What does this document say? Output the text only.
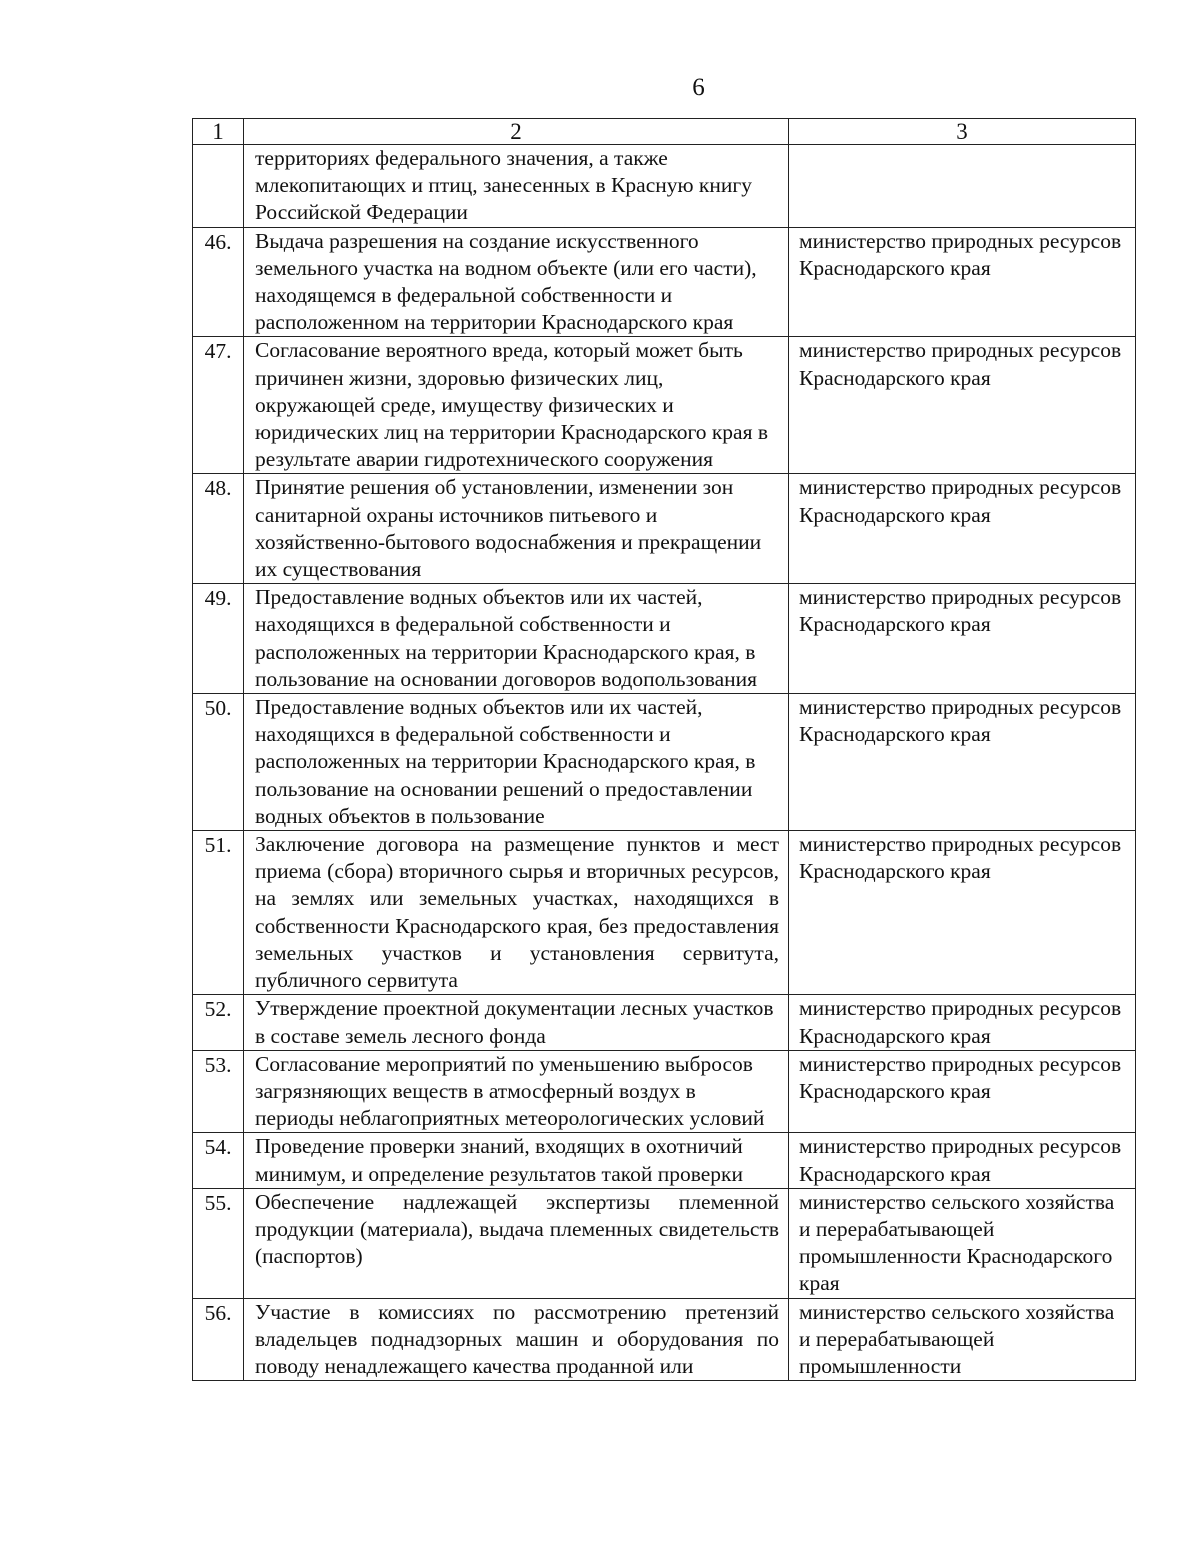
6
1	2	3
	территориях федерального значения, а также млекопитающих и птиц, занесенных в Красную книгу Российской Федерации	
46.	Выдача разрешения на создание искусственного земельного участка на водном объекте (или его части), находящемся в федеральной собственности и расположенном на территории Краснодарского края	министерство природных ресурсов Краснодарского края
47.	Согласование вероятного вреда, который может быть причинен жизни, здоровью физических лиц, окружающей среде, имуществу физических и юридических лиц на территории Краснодарского края в результате аварии гидротехнического сооружения	министерство природных ресурсов Краснодарского края
48.	Принятие решения об установлении, изменении зон санитарной охраны источников питьевого и хозяйственно-бытового водоснабжения и прекращении их существования	министерство природных ресурсов Краснодарского края
49.	Предоставление водных объектов или их частей, находящихся в федеральной собственности и расположенных на территории Краснодарского края, в пользование на основании договоров водопользования	министерство природных ресурсов Краснодарского края
50.	Предоставление водных объектов или их частей, находящихся в федеральной собственности и расположенных на территории Краснодарского края, в пользование на основании решений о предоставлении водных объектов в пользование	министерство природных ресурсов Краснодарского края
51.	Заключение договора на размещение пунктов и мест приема (сбора) вторичного сырья и вторичных ресурсов, на землях или земельных участках, находящихся в собственности Краснодарского края, без предоставления земельных участков и установления сервитута, публичного сервитута	министерство природных ресурсов Краснодарского края
52.	Утверждение проектной документации лесных участков в составе земель лесного фонда	министерство природных ресурсов Краснодарского края
53.	Согласование мероприятий по уменьшению выбросов загрязняющих веществ в атмосферный воздух в периоды неблагоприятных метеорологических условий	министерство природных ресурсов Краснодарского края
54.	Проведение проверки знаний, входящих в охотничий минимум, и определение результатов такой проверки	министерство природных ресурсов Краснодарского края
55.	Обеспечение надлежащей экспертизы племенной продукции (материала), выдача племенных свидетельств (паспортов)	министерство сельского хозяйства и перерабатывающей промышленности Краснодарского края
56.	Участие в комиссиях по рассмотрению претензий владельцев поднадзорных машин и оборудования по поводу ненадлежащего качества проданной или	министерство сельского хозяйства и перерабатывающей промышленности
